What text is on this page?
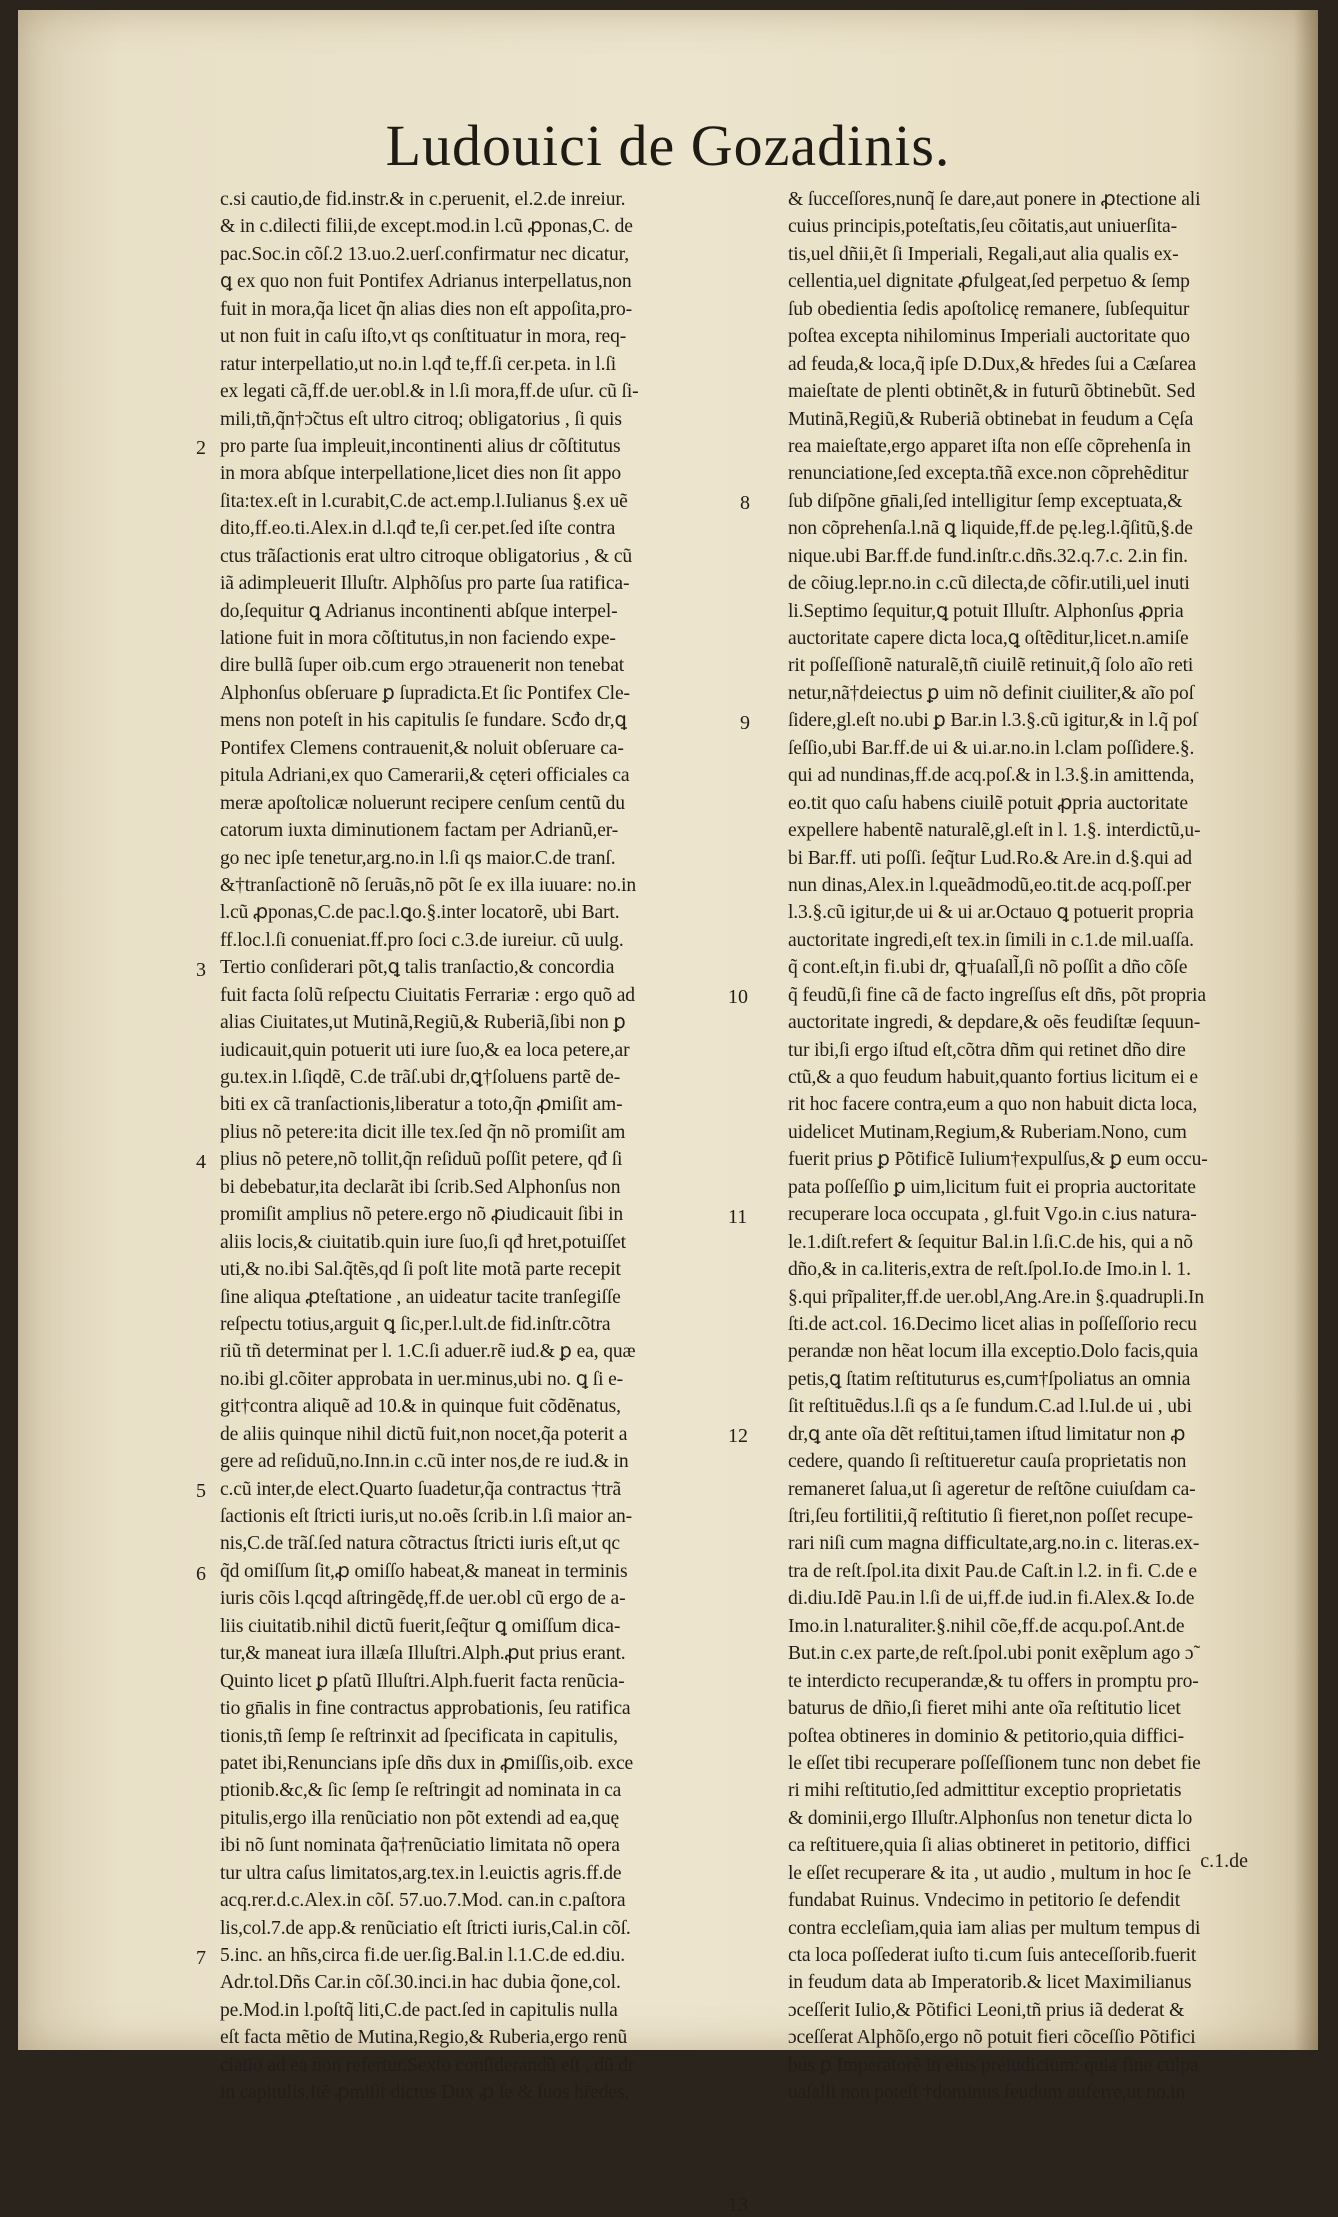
Ludouici de Gozadinis.
c.si cautio,de fid.instr.& in c.peruenit, el.2.de inreiur.
& in c.dilecti filii,de except.mod.in l.cũ ꝓponas,C. de
pac.Soc.in cõſ.2 13.uo.2.uerſ.confirmatur nec dicatur,
ꝗ ex quo non fuit Pontifex Adrianus interpellatus,non
fuit in mora,q̃a licet q̃n alias dies non eſt appoſita,pro-
ut non fuit in caſu iſto,vt qs conſtituatur in mora, req-
ratur interpellatio,ut no.in l.qđ te,ff.ſi cer.peta. in l.ſi
ex legati cã,ff.de uer.obl.& in l.ſi mora,ff.de uſur. cũ ſi-
mili,tñ,q̃n†ɔ̃ctus eſt ultro citroq; obligatorius , ſi quis
pro parte ſua impleuit,incontinenti alius dr cõſtitutus
in mora abſque interpellatione,licet dies non ſit appo
ſita:tex.eſt in l.curabit,C.de act.emp.l.Iulianus §.ex uẽ
dito,ff.eo.ti.Alex.in d.l.qđ te,ſi cer.pet.ſed iſte contra
ctus trãſactionis erat ultro citroque obligatorius , & cũ
iã adimpleuerit Illuſtr. Alphõſus pro parte ſua ratifica-
do,ſequitur ꝗ Adrianus incontinenti abſque interpel-
latione fuit in mora cõſtitutus,in non faciendo expe-
dire bullã ſuper oib.cum ergo ɔtrauenerit non tenebat
Alphonſus obſeruare ꝑ ſupradicta.Et ſic Pontifex Cle-
mens non poteſt in his capitulis ſe fundare. Scđo dr,ꝗ
Pontifex Clemens contrauenit,& noluit obſeruare ca-
pitula Adriani,ex quo Camerarii,& cęteri officiales ca
meræ apoſtolicæ noluerunt recipere cenſum centũ du
catorum iuxta diminutionem factam per Adrianũ,er-
go nec ipſe tenetur,arg.no.in l.ſi qs maior.C.de tranſ.
&†tranſactionẽ nõ ſeruãs,nõ põt ſe ex illa iuuare: no.in
l.cũ ꝓponas,C.de pac.l.ꝗo.§.inter locatorẽ, ubi Bart.
ff.loc.l.ſi conueniat.ff.pro ſoci c.3.de iureiur. cũ uulg.
Tertio conſiderari põt,ꝗ talis tranſactio,& concordia
fuit facta ſolũ reſpectu Ciuitatis Ferrariæ : ergo quõ ad
alias Ciuitates,ut Mutinã,Regiũ,& Ruberiã,ſibi non ꝑ
iudicauit,quin potuerit uti iure ſuo,& ea loca petere,ar
gu.tex.in l.ſiqdẽ, C.de trãſ.ubi dr,ꝗ†ſoluens partẽ de-
biti ex cã tranſactionis,liberatur a toto,q̃n ꝓmiſit am-
plius nõ petere:ita dicit ille tex.ſed q̃n nõ promiſit am
plius nõ petere,nõ tollit,q̃n reſiduũ poſſit petere, qđ ſi
bi debebatur,ita declarãt ibi ſcrib.Sed Alphonſus non
promiſit amplius nõ petere.ergo nõ ꝓiudicauit ſibi in
aliis locis,& ciuitatib.quin iure ſuo,ſi qđ hret,potuiſſet
uti,& no.ibi Sal.q̃tẽs,qd ſi poſt lite motã parte recepit
ſine aliqua ꝓteſtatione , an uideatur tacite tranſegiſſe
reſpectu totius,arguit ꝗ ſic,per.l.ult.de fid.inſtr.cõtra
riũ tñ determinat per l. 1.C.ſi aduer.rẽ iud.& ꝑ ea, quæ
no.ibi gl.cõiter approbata in uer.minus,ubi no. ꝗ ſi e-
git†contra aliquẽ ad 10.& in quinque fuit cõdẽnatus,
de aliis quinque nihil dictũ fuit,non nocet,q̃a poterit a
gere ad reſiduũ,no.Inn.in c.cũ inter nos,de re iud.& in
c.cũ inter,de elect.Quarto ſuadetur,q̃a contractus †trã
ſactionis eſt ſtricti iuris,ut no.oẽs ſcrib.in l.ſi maior an-
nis,C.de trãſ.ſed natura cõtractus ſtricti iuris eſt,ut qc
q̃d omiſſum ſit,ꝓ omiſſo habeat,& maneat in terminis
iuris cõis l.qcqd aſtringẽdę,ff.de uer.obl cũ ergo de a-
liis ciuitatib.nihil dictũ fuerit,ſeq̃tur ꝗ omiſſum dica-
tur,& maneat iura illæſa Illuſtri.Alph.ꝓut prius erant.
Quinto licet ꝑ pſatũ Illuſtri.Alph.fuerit facta renũcia-
tio gn̄alis in fine contractus approbationis, ſeu ratifica
tionis,tñ ſemp ſe reſtrinxit ad ſpecificata in capitulis,
patet ibi,Renuncians ipſe dñs dux in ꝓmiſſis,oib. exce
ptionib.&c,& ſic ſemp ſe reſtringit ad nominata in ca
pitulis,ergo illa renũciatio non põt extendi ad ea,quę
ibi nõ ſunt nominata q̃a†renũciatio limitata nõ opera
tur ultra caſus limitatos,arg.tex.in l.euictis agris.ff.de
acq.rer.d.c.Alex.in cõſ. 57.uo.7.Mod. can.in c.paſtora
lis,col.7.de app.& renũciatio eſt ſtricti iuris,Cal.in cõſ.
5.inc. an hñs,circa fi.de uer.ſig.Bal.in l.1.C.de ed.diu.
Adr.tol.Dñs Car.in cõſ.30.inci.in hac dubia q̃one,col.
pe.Mod.in l.poſtq̃ liti,C.de pact.ſed in capitulis nulla
eſt facta mẽtio de Mutina,Regio,& Ruberia,ergo renũ
ciatio ad ea non refertur.Sexto conſiderandũ eſt , dũ dr
in capitulis,Itẽ ꝓmiſit dictus Dux ꝓ ſe & ſuos hr̄edes,
& ſucceſſores,nunq̃ ſe dare,aut ponere in ꝓtectione ali
cuius principis,poteſtatis,ſeu cõitatis,aut uniuerſita-
tis,uel dñii,ẽt ſi Imperiali, Regali,aut alia qualis ex-
cellentia,uel dignitate ꝓfulgeat,ſed perpetuo & ſemp
ſub obedientia ſedis apoſtolicę remanere, ſubſequitur
poſtea excepta nihilominus Imperiali auctoritate quo
ad feuda,& loca,q̃ ipſe D.Dux,& hr̄edes ſui a Cæſarea
maieſtate de plenti obtinẽt,& in futurũ õbtinebũt. Sed
Mutinã,Regiũ,& Ruberiã obtinebat in feudum a Cęſa
rea maieſtate,ergo apparet iſta non eſſe cõprehenſa in
renunciatione,ſed excepta.tñã exce.non cõprehẽditur
ſub diſpõne gn̄ali,ſed intelligitur ſemp exceptuata,&
non cõprehenſa.l.nã ꝗ liquide,ff.de pę.leg.l.q̃ſitũ,§.de
nique.ubi Bar.ff.de fund.inſtr.c.dñs.32.q.7.c. 2.in fin.
de cõiug.lepr.no.in c.cũ dilecta,de cõfir.utili,uel inuti
li.Septimo ſequitur,ꝗ potuit Illuſtr. Alphonſus ꝓpria
auctoritate capere dicta loca,ꝗ oſtẽditur,licet.n.amiſe
rit poſſeſſionẽ naturalẽ,tñ ciuilẽ retinuit,q̃ ſolo aĩo reti
netur,nã†deiectus ꝑ uim nõ definit ciuiliter,& aĩo poſ
ſidere,gl.eſt no.ubi ꝑ Bar.in l.3.§.cũ igitur,& in l.q̃ poſ
ſeſſio,ubi Bar.ff.de ui & ui.ar.no.in l.clam poſſidere.§.
qui ad nundinas,ff.de acq.poſ.& in l.3.§.in amittenda,
eo.tit quo caſu habens ciuilẽ potuit ꝓpria auctoritate
expellere habentẽ naturalẽ,gl.eſt in l. 1.§. interdictũ,u-
bi Bar.ff. uti poſſi. ſeq̃tur Lud.Ro.& Are.in d.§.qui ad
nun dinas,Alex.in l.queãdmodũ,eo.tit.de acq.poſſ.per
l.3.§.cũ igitur,de ui & ui ar.Octauo ꝗ potuerit propria
auctoritate ingredi,eſt tex.in ſimili in c.1.de mil.uaſſa.
q̃ cont.eſt,in fi.ubi dr, ꝗ†uaſall̃,ſi nõ poſſit a dño cõſe
q̃ feudũ,ſi fine cã de facto ingreſſus eſt dñs, põt propria
auctoritate ingredi, & depdare,& oẽs feudiſtæ ſequun-
tur ibi,ſi ergo iſtud eſt,cõtra dñm qui retinet dño dire
ctũ,& a quo feudum habuit,quanto fortius licitum ei e
rit hoc facere contra,eum a quo non habuit dicta loca,
uidelicet Mutinam,Regium,& Ruberiam.Nono, cum
fuerit prius ꝑ Põtificẽ Iulium†expulſus,& ꝑ eum occu-
pata poſſeſſio ꝑ uim,licitum fuit ei propria auctoritate
recuperare loca occupata , gl.fuit Vgo.in c.ius natura-
le.1.diſt.refert & ſequitur Bal.in l.ſi.C.de his, qui a nõ
dño,& in ca.literis,extra de reſt.ſpol.Io.de Imo.in l. 1.
§.qui prĩpaliter,ff.de uer.obl,Ang.Are.in §.quadrupli.In
ſti.de act.col. 16.Decimo licet alias in poſſeſſorio recu
perandæ non hẽat locum illa exceptio.Dolo facis,quia
petis,ꝗ ſtatim reſtituturus es,cum†ſpoliatus an omnia
ſit reſtituẽdus.l.ſi qs a ſe fundum.C.ad l.Iul.de ui , ubi
dr,ꝗ ante oĩa dẽt reſtitui,tamen iſtud limitatur non ꝓ
cedere, quando ſi reſtitueretur cauſa proprietatis non
remaneret ſalua,ut ſi ageretur de reſtõne cuiuſdam ca-
ſtri,ſeu fortilitii,q̃ reſtitutio ſi fieret,non poſſet recupe-
rari niſi cum magna difficultate,arg.no.in c. literas.ex-
tra de reſt.ſpol.ita dixit Pau.de Caſt.in l.2. in fi. C.de e
di.diu.Idẽ Pau.in l.ſi de ui,ff.de iud.in fi.Alex.& Io.de
Imo.in l.naturaliter.§.nihil cõe,ff.de acqu.poſ.Ant.de
But.in c.ex parte,de reſt.ſpol.ubi ponit exẽplum ago ɔ̃
te interdicto recuperandæ,& tu offers in promptu pro-
baturus de dñio,ſi fieret mihi ante oĩa reſtitutio licet
poſtea obtineres in dominio & petitorio,quia diffici-
le eſſet tibi recuperare poſſeſſionem tunc non debet fie
ri mihi reſtitutio,ſed admittitur exceptio proprietatis
& dominii,ergo Illuſtr.Alphonſus non tenetur dicta lo
ca reſtituere,quia ſi alias obtineret in petitorio, diffici
le eſſet recuperare & ita , ut audio , multum in hoc ſe
fundabat Ruinus. Vndecimo in petitorio ſe defendit
contra eccleſiam,quia iam alias per multum tempus di
cta loca poſſederat iuſto ti.cum ſuis anteceſſorib.fuerit
in feudum data ab Imperatorib.& licet Maximilianus
ɔceſſerit Iulio,& Põtifici Leoni,tñ prius iã dederat &
ɔceſſerat Alphõſo,ergo nõ potuit fieri cõceſſio Põtifici
bus ꝑ Imperatorẽ in eius preiudicium: quia fine culpa
uaſalli non poteſt †dominus feudum auferre,ut no.in
2
3
4
5
6
7
8
9
10
11
12
13
c.1.de
